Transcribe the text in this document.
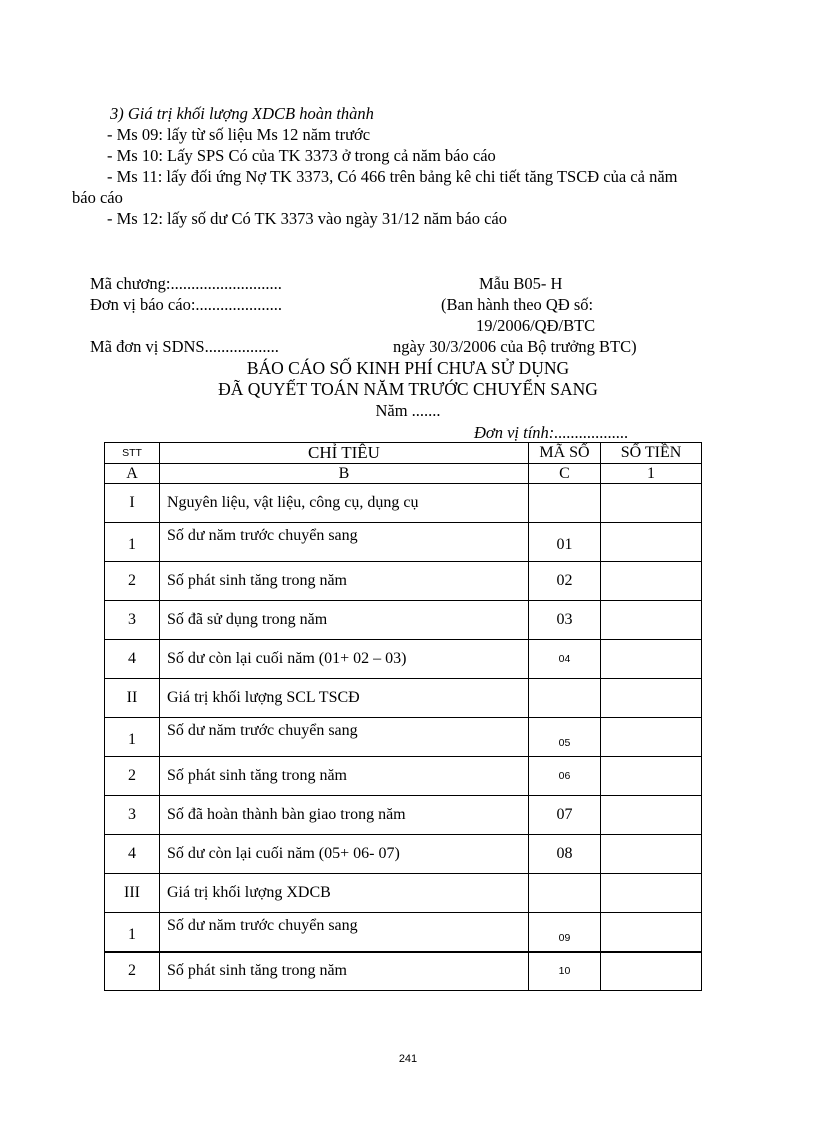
3) Giá trị khối lượng XDCB hoàn thành
- Ms 09: lấy từ số liệu Ms 12 năm trước
- Ms 10: Lấy SPS Có của TK 3373 ở trong cả năm báo cáo
- Ms 11: lấy đối ứng Nợ TK 3373, Có 466 trên bảng kê chi tiết tăng TSCĐ của cả năm
báo cáo
- Ms 12: lấy số dư Có TK 3373 vào ngày 31/12 năm báo cáo
Mã chương:...........................
Đơn vị báo cáo:.....................
Mã đơn vị SDNS..................
Mẫu B05- H
(Ban hành theo QĐ số:
19/2006/QĐ/BTC
ngày 30/3/2006 của Bộ trưởng BTC)
BÁO CÁO SỐ KINH PHÍ CHƯA SỬ DỤNG
ĐÃ QUYẾT TOÁN NĂM TRƯỚC CHUYỂN SANG
Năm .......
Đơn vị tính:..................
STT	CHỈ TIÊU	MÃ SỐ	SỐ TIỀN
A	B	C	1
I	Nguyên liệu, vật liệu, công cụ, dụng cụ		
1	Số dư năm trước chuyển sang	01	
2	Số phát sinh tăng trong năm	02	
3	Số đã sử dụng trong năm	03	
4	Số dư còn lại cuối năm (01+ 02 – 03)	04	
II	Giá trị khối lượng SCL TSCĐ		
1	Số dư năm trước chuyển sang	05	
2	Số phát sinh tăng trong năm	06	
3	Số đã hoàn thành bàn giao trong năm	07	
4	Số dư còn lại cuối năm (05+ 06- 07)	08	
III	Giá trị khối lượng XDCB		
1	Số dư năm trước chuyển sang	09	
2	Số phát sinh tăng trong năm	10	
241
